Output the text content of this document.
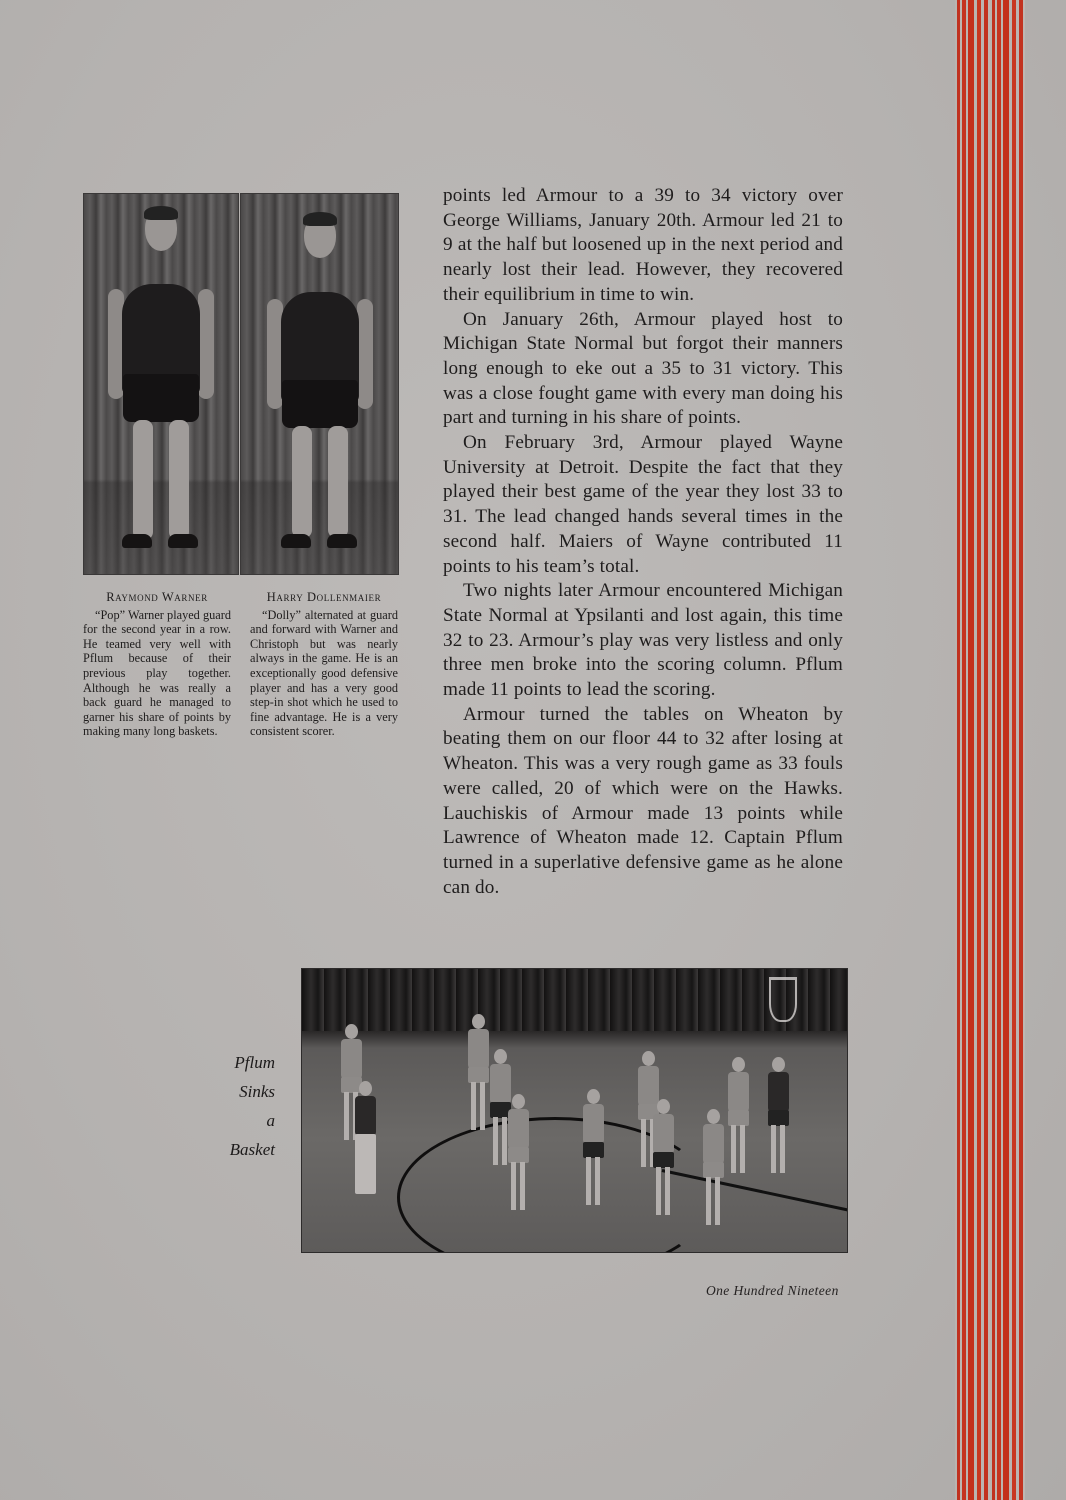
Raymond Warner
“Pop” Warner played guard for the second year in a row. He teamed very well with Pflum because of their previous play together. Although he was really a back guard he managed to garner his share of points by making many long baskets.
Harry Dollenmaier
“Dolly” alternated at guard and forward with Warner and Christoph but was nearly always in the game. He is an exceptionally good defensive player and has a very good step-in shot which he used to fine advantage. He is a very consistent scorer.

points led Armour to a 39 to 34 victory over George Williams, January 20th. Armour led 21 to 9 at the half but loosened up in the next period and nearly lost their lead. However, they recovered their equilibrium in time to win.

On January 26th, Armour played host to Michigan State Normal but forgot their manners long enough to eke out a 35 to 31 victory. This was a close fought game with every man doing his part and turning in his share of points.

On February 3rd, Armour played Wayne University at Detroit. Despite the fact that they played their best game of the year they lost 33 to 31. The lead changed hands several times in the second half. Maiers of Wayne contributed 11 points to his team’s total.

Two nights later Armour encountered Michigan State Normal at Ypsilanti and lost again, this time 32 to 23. Armour’s play was very listless and only three men broke into the scoring column. Pflum made 11 points to lead the scoring.

Armour turned the tables on Wheaton by beating them on our floor 44 to 32 after losing at Wheaton. This was a very rough game as 33 fouls were called, 20 of which were on the Hawks. Lauchiskis of Armour made 13 points while Lawrence of Wheaton made 12. Captain Pflum turned in a superlative defensive game as he alone can do.

Pflum
Sinks
a
Basket
One Hundred Nineteen
